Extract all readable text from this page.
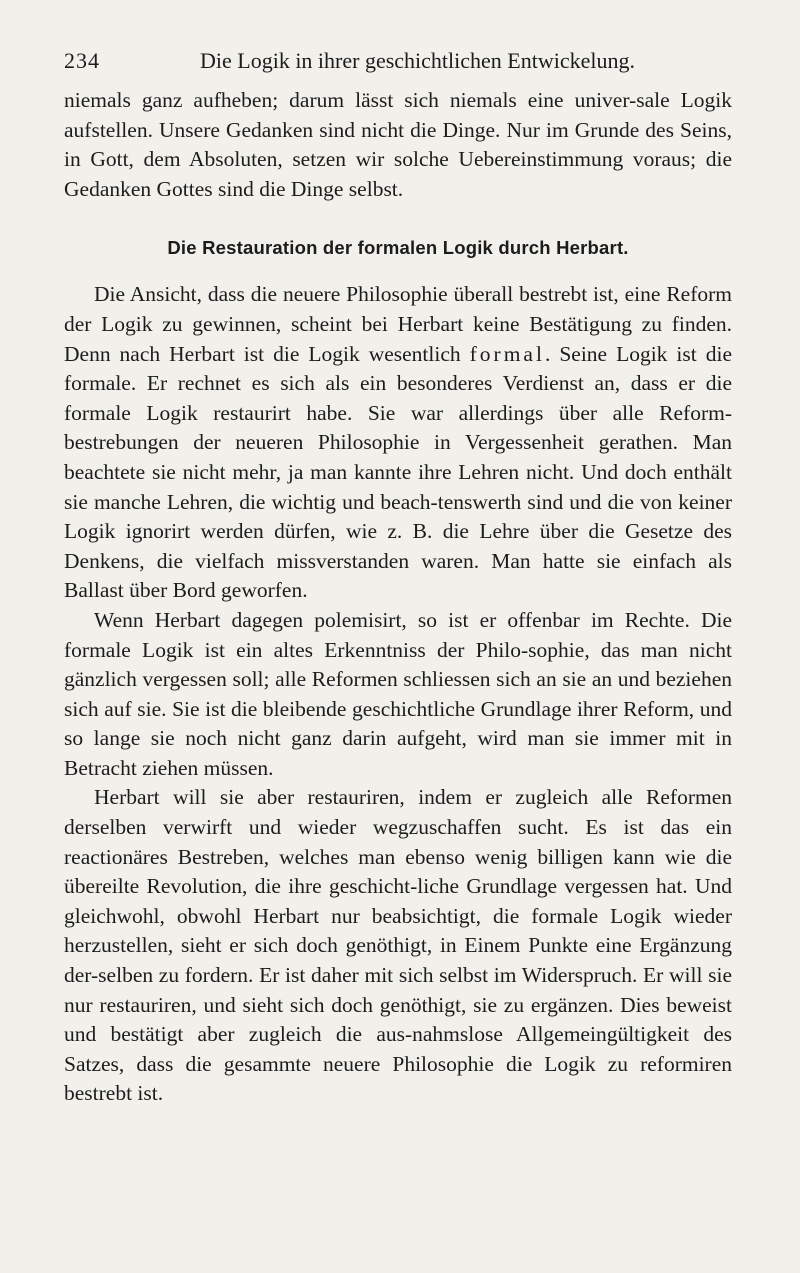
234	Die Logik in ihrer geschichtlichen Entwickelung.

niemals ganz aufheben; darum lässt sich niemals eine univer-sale Logik aufstellen. Unsere Gedanken sind nicht die Dinge. Nur im Grunde des Seins, in Gott, dem Absoluten, setzen wir solche Uebereinstimmung voraus; die Gedanken Gottes sind die Dinge selbst.

Die Restauration der formalen Logik durch Herbart.

Die Ansicht, dass die neuere Philosophie überall bestrebt ist, eine Reform der Logik zu gewinnen, scheint bei Herbart keine Bestätigung zu finden. Denn nach Herbart ist die Logik wesentlich formal. Seine Logik ist die formale. Er rechnet es sich als ein besonderes Verdienst an, dass er die formale Logik restaurirt habe. Sie war allerdings über alle Reform-bestrebungen der neueren Philosophie in Vergessenheit gerathen. Man beachtete sie nicht mehr, ja man kannte ihre Lehren nicht. Und doch enthält sie manche Lehren, die wichtig und beach-tenswerth sind und die von keiner Logik ignorirt werden dürfen, wie z. B. die Lehre über die Gesetze des Denkens, die vielfach missverstanden waren. Man hatte sie einfach als Ballast über Bord geworfen.

Wenn Herbart dagegen polemisirt, so ist er offenbar im Rechte. Die formale Logik ist ein altes Erkenntniss der Philo-sophie, das man nicht gänzlich vergessen soll; alle Reformen schliessen sich an sie an und beziehen sich auf sie. Sie ist die bleibende geschichtliche Grundlage ihrer Reform, und so lange sie noch nicht ganz darin aufgeht, wird man sie immer mit in Betracht ziehen müssen.

Herbart will sie aber restauriren, indem er zugleich alle Reformen derselben verwirft und wieder wegzuschaffen sucht. Es ist das ein reactionäres Bestreben, welches man ebenso wenig billigen kann wie die übereilte Revolution, die ihre geschicht-liche Grundlage vergessen hat. Und gleichwohl, obwohl Herbart nur beabsichtigt, die formale Logik wieder herzustellen, sieht er sich doch genöthigt, in Einem Punkte eine Ergänzung der-selben zu fordern. Er ist daher mit sich selbst im Widerspruch. Er will sie nur restauriren, und sieht sich doch genöthigt, sie zu ergänzen. Dies beweist und bestätigt aber zugleich die aus-nahmslose Allgemeingültigkeit des Satzes, dass die gesammte neuere Philosophie die Logik zu reformiren bestrebt ist.
